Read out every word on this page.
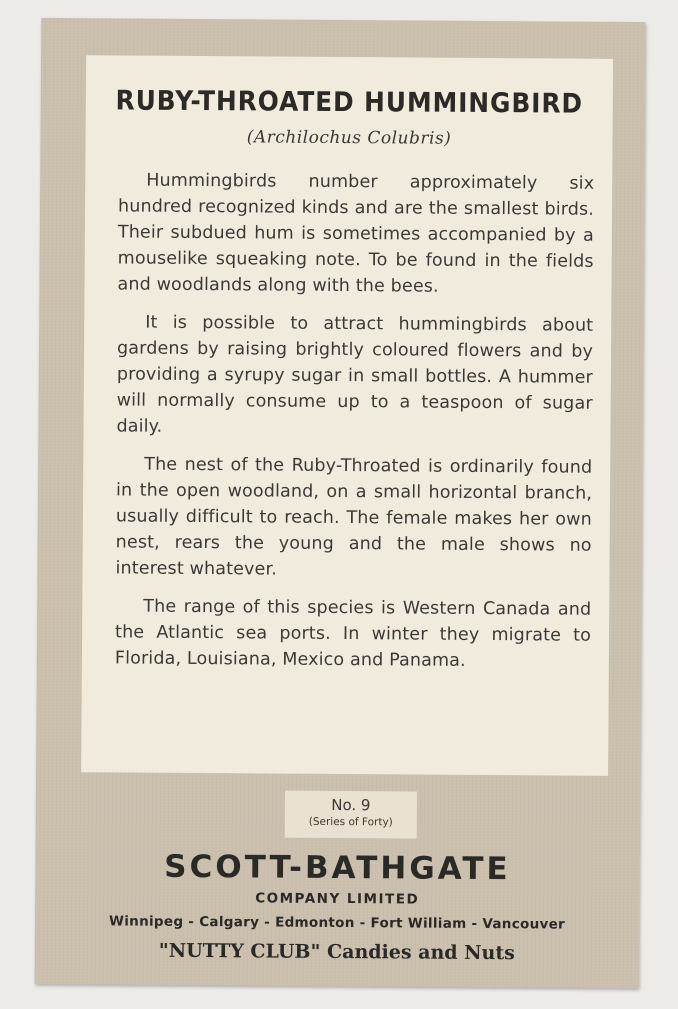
RUBY-THROATED HUMMINGBIRD
(Archilochus Colubris)

Hummingbirds number approximately six hundred recognized kinds and are the smallest birds. Their subdued hum is sometimes accompanied by a mouselike squeaking note. To be found in the fields and woodlands along with the bees.

It is possible to attract hummingbirds about gardens by raising brightly coloured flowers and by providing a syrupy sugar in small bottles. A hummer will normally consume up to a teaspoon of sugar daily.

The nest of the Ruby-Throated is ordinarily found in the open woodland, on a small horizontal branch, usually difficult to reach. The female makes her own nest, rears the young and the male shows no interest whatever.

The range of this species is Western Canada and the Atlantic sea ports. In winter they migrate to Florida, Louisiana, Mexico and Panama.

No. 9
(Series of Forty)
SCOTT-BATHGATE
COMPANY LIMITED
Winnipeg - Calgary - Edmonton - Fort William - Vancouver
"NUTTY CLUB" Candies and Nuts
